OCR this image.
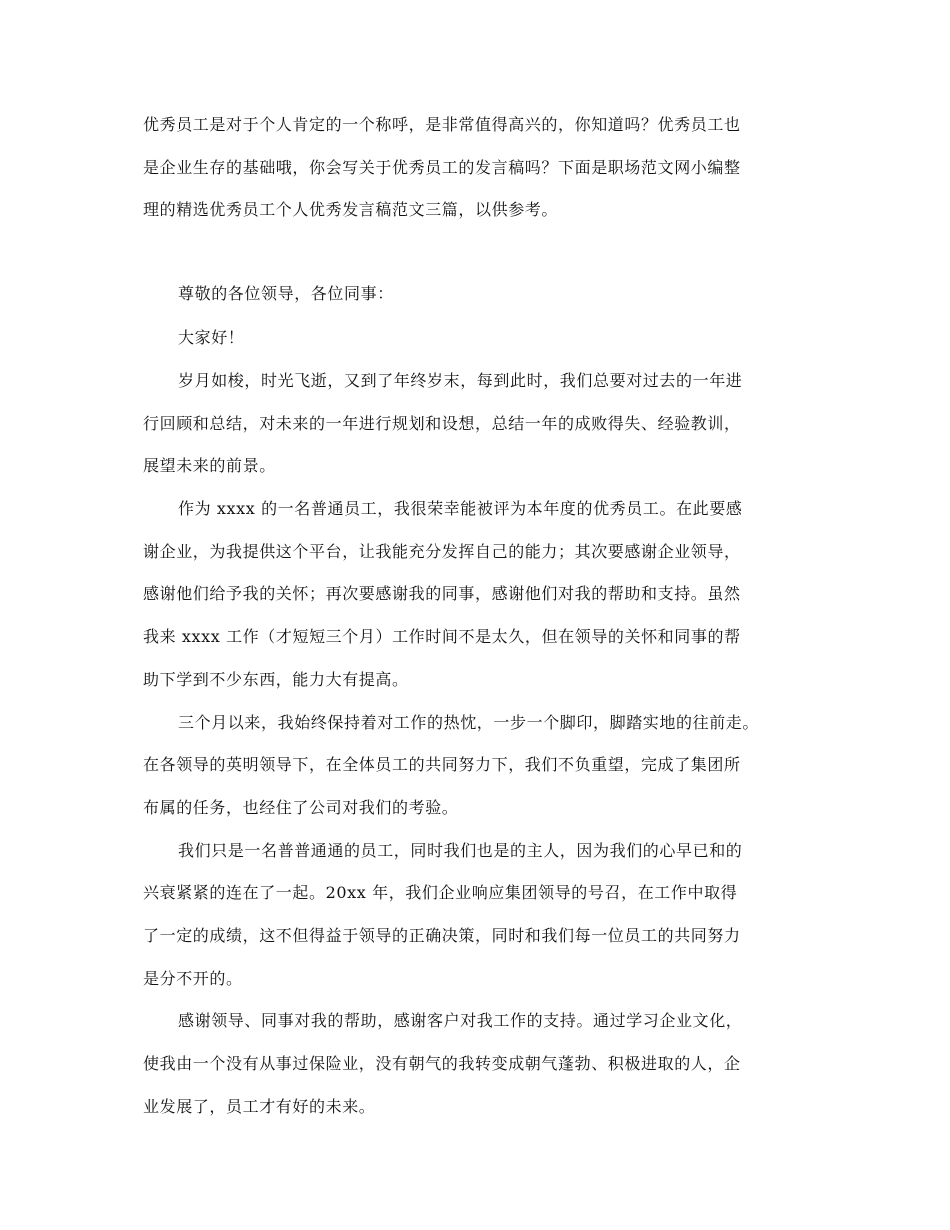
优秀员工是对于个人肯定的一个称呼，是非常值得高兴的，你知道吗？优秀员工也
是企业生存的基础哦，你会写关于优秀员工的发言稿吗？下面是职场范文网小编整
理的精选优秀员工个人优秀发言稿范文三篇，以供参考。
尊敬的各位领导，各位同事：
大家好！
岁月如梭，时光飞逝，又到了年终岁末，每到此时，我们总要对过去的一年进
行回顾和总结，对未来的一年进行规划和设想，总结一年的成败得失、经验教训，
展望未来的前景。
作为 xxxx 的一名普通员工，我很荣幸能被评为本年度的优秀员工。在此要感
谢企业，为我提供这个平台，让我能充分发挥自己的能力；其次要感谢企业领导，
感谢他们给予我的关怀；再次要感谢我的同事，感谢他们对我的帮助和支持。虽然
我来 xxxx 工作（才短短三个月）工作时间不是太久，但在领导的关怀和同事的帮
助下学到不少东西，能力大有提高。
三个月以来，我始终保持着对工作的热忱，一步一个脚印，脚踏实地的往前走。
在各领导的英明领导下，在全体员工的共同努力下，我们不负重望，完成了集团所
布属的任务，也经住了公司对我们的考验。
我们只是一名普普通通的员工，同时我们也是的主人，因为我们的心早已和的
兴衰紧紧的连在了一起。20xx 年，我们企业响应集团领导的号召，在工作中取得
了一定的成绩，这不但得益于领导的正确决策，同时和我们每一位员工的共同努力
是分不开的。
感谢领导、同事对我的帮助，感谢客户对我工作的支持。通过学习企业文化，
使我由一个没有从事过保险业，没有朝气的我转变成朝气蓬勃、积极进取的人，企
业发展了，员工才有好的未来。
